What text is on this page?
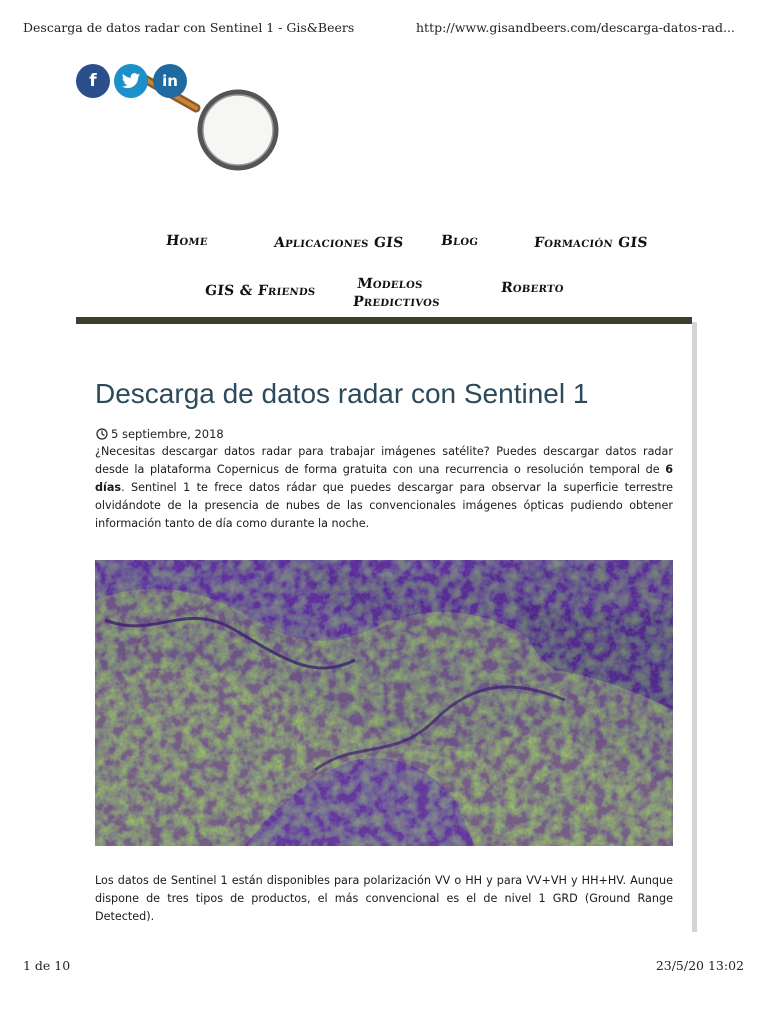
Descarga de datos radar con Sentinel 1 - Gis&Beers	http://www.gisandbeers.com/descarga-datos-rad...
f	in
Home	Aplicaciones GIS	Blog	Formación GIS
GIS & Friends	Modelos
Predictivos
Roberto
Descarga de datos radar con Sentinel 1
5 septiembre, 2018

¿Necesitas descargar datos radar para trabajar imágenes satélite? Puedes descargar datos radar desde la plataforma Copernicus de forma gratuita con una recurrencia o resolución temporal de 6 días. Sentinel 1 te frece datos rádar que puedes descargar para observar la superficie terrestre olvidándote de la presencia de nubes de las convencionales imágenes ópticas pudiendo obtener información tanto de día como durante la noche.

Los datos de Sentinel 1 están disponibles para polarización VV o HH y para VV+VH y HH+HV. Aunque dispone de tres tipos de productos, el más convencional es el de nivel 1 GRD (Ground Range Detected).

1 de 10	23/5/20 13:02
